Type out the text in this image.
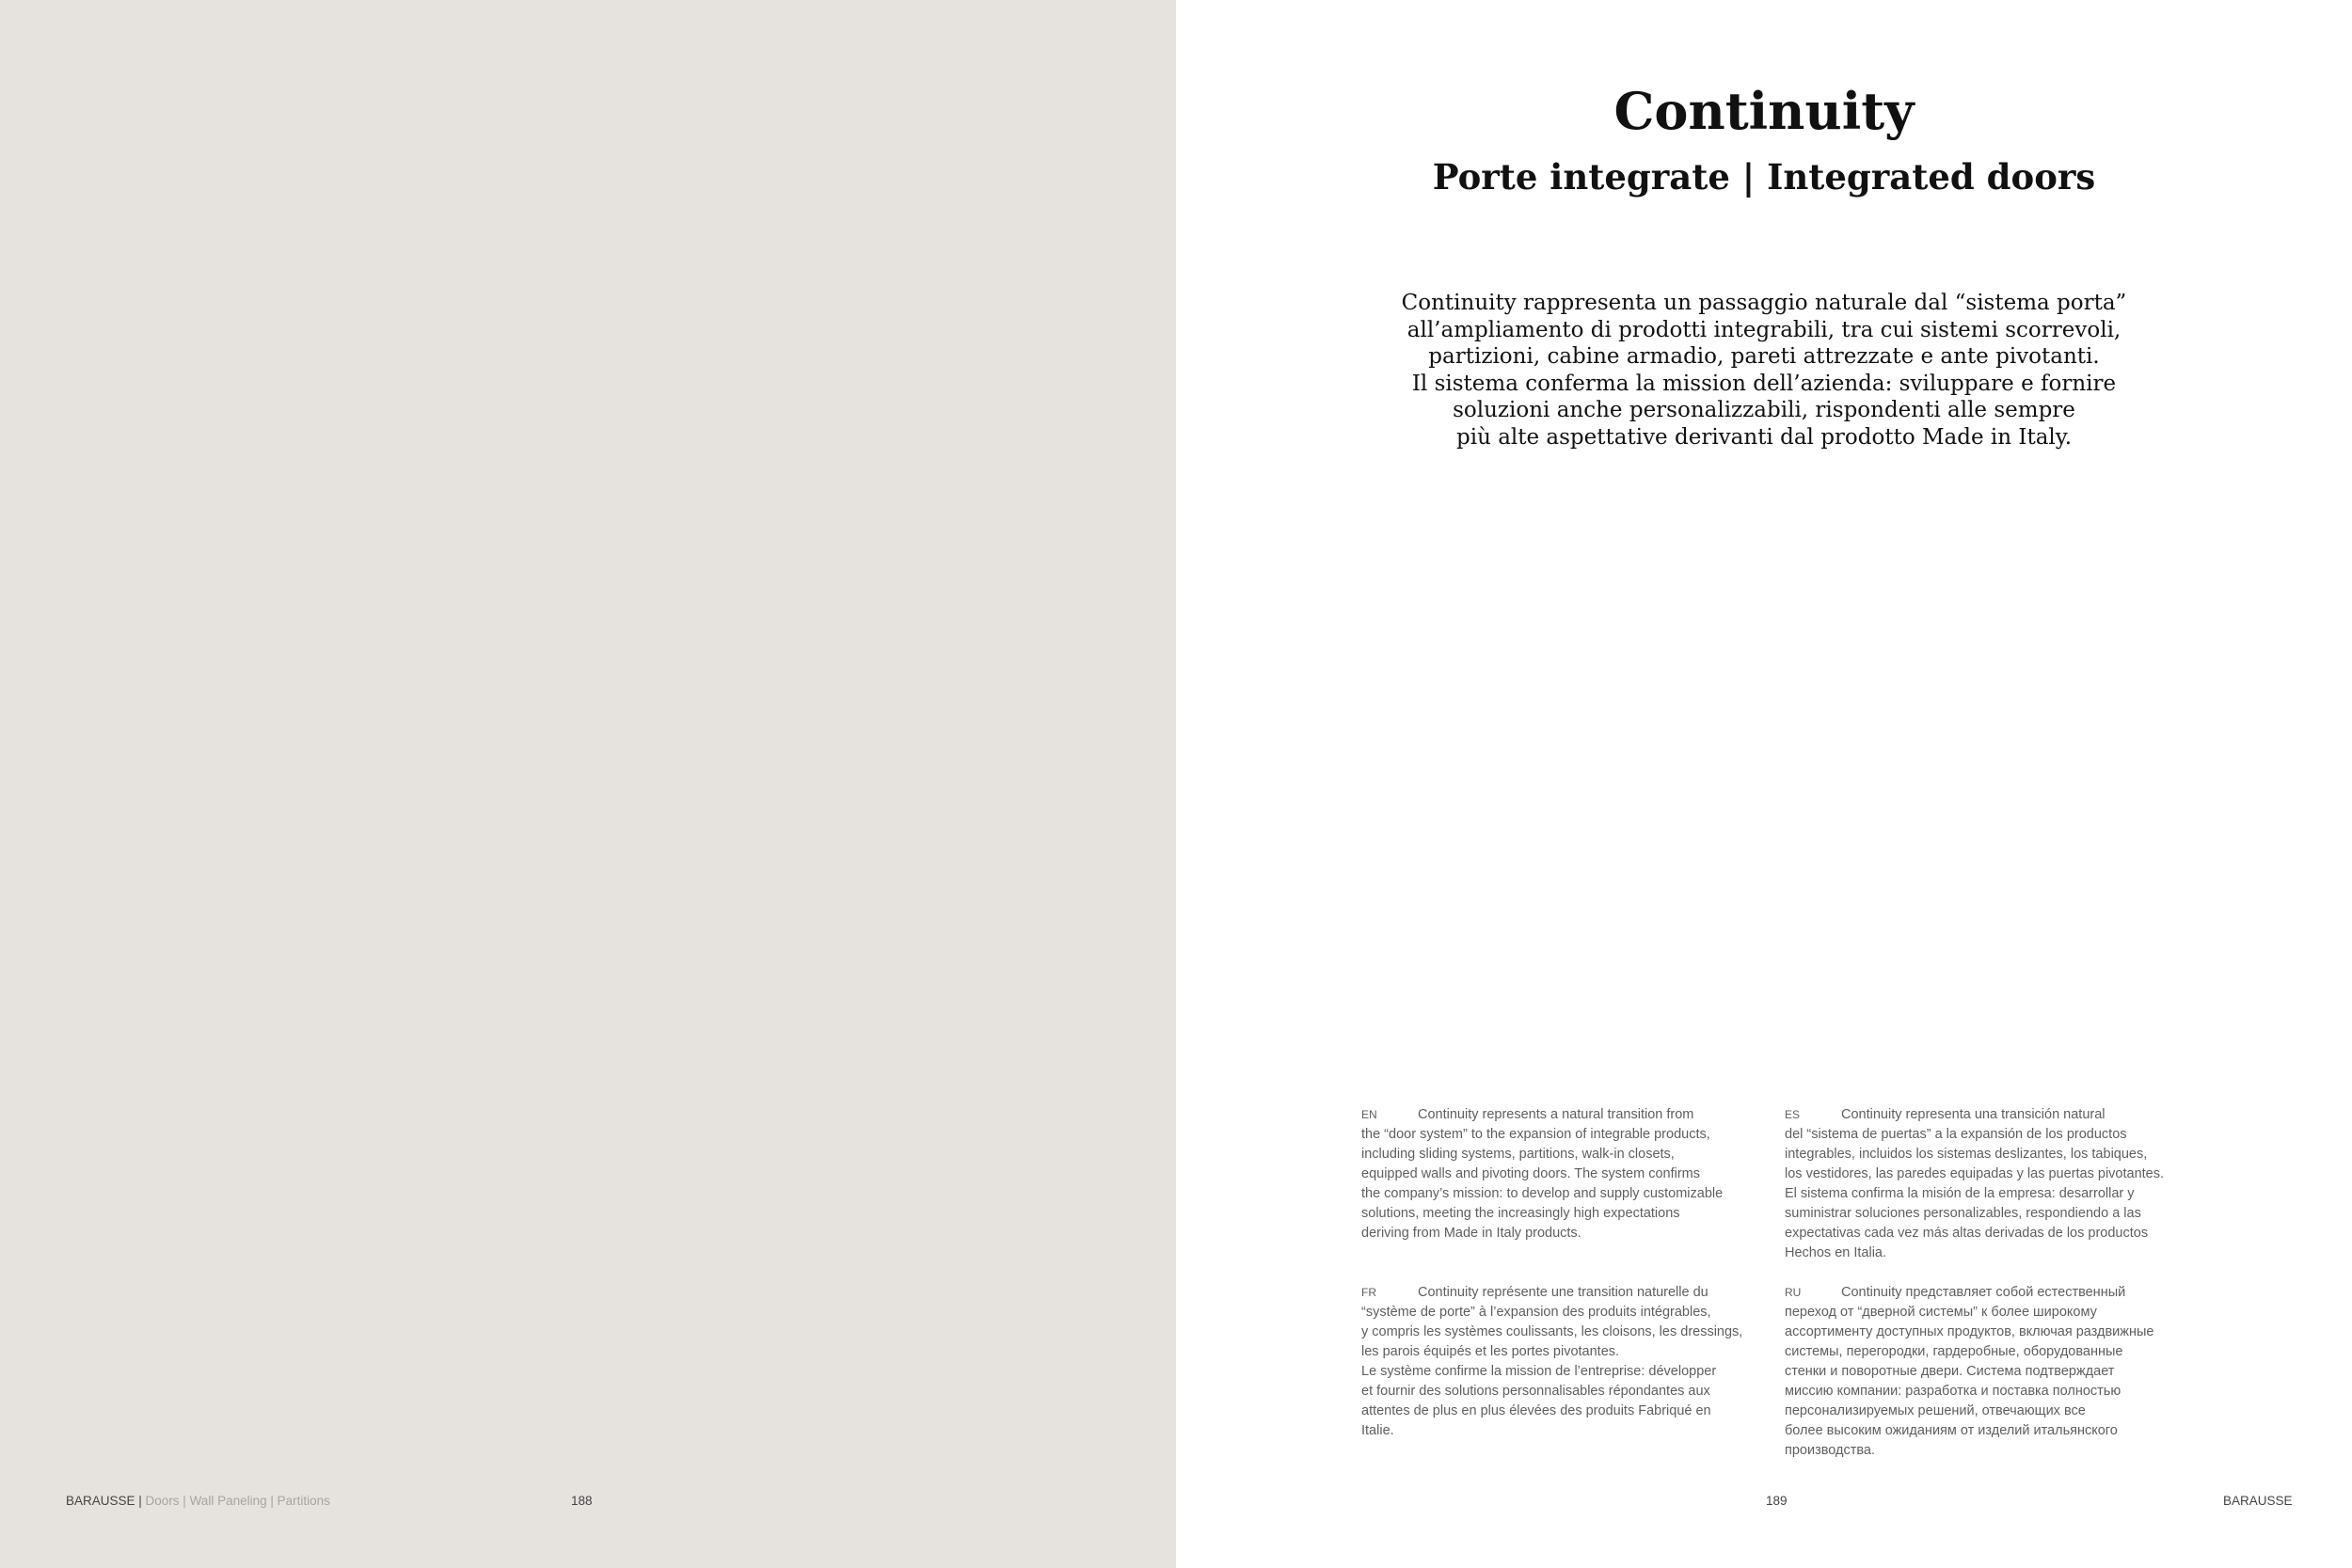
Continuity
Porte integrate | Integrated doors

Continuity rappresenta un passaggio naturale dal “sistema porta”
all’ampliamento di prodotti integrabili, tra cui sistemi scorrevoli,
partizioni, cabine armadio, pareti attrezzate e ante pivotanti.
Il sistema conferma la mission dell’azienda: sviluppare e fornire
soluzioni anche personalizzabili, rispondenti alle sempre
più alte aspettative derivanti dal prodotto Made in Italy.

EN	Continuity represents a natural transition from
the “door system” to the expansion of integrable products,
including sliding systems, partitions, walk-in closets,
equipped walls and pivoting doors. The system confirms
the company’s mission: to develop and supply customizable
solutions, meeting the increasingly high expectations
deriving from Made in Italy products.
ES	Continuity representa una transición natural
del “sistema de puertas” a la expansión de los productos
integrables, incluidos los sistemas deslizantes, los tabiques,
los vestidores, las paredes equipadas y las puertas pivotantes.
El sistema confirma la misión de la empresa: desarrollar y
suministrar soluciones personalizables, respondiendo a las
expectativas cada vez más altas derivadas de los productos
Hechos en Italia.
FR	Continuity représente une transition naturelle du
“système de porte” à l’expansion des produits intégrables,
y compris les systèmes coulissants, les cloisons, les dressings,
les parois équipés et les portes pivotantes.
Le système confirme la mission de l’entreprise: développer
et fournir des solutions personnalisables répondantes aux
attentes de plus en plus élevées des produits Fabriqué en
Italie.
RU	Continuity представляет собой естественный
переход от “дверной системы” к более широкому
ассортименту доступных продуктов, включая раздвижные
системы, перегородки, гардеробные, оборудованные
стенки и поворотные двери. Система подтверждает
миссию компании: разработка и поставка полностью
персонализируемых решений, отвечающих все
более высоким ожиданиям от изделий итальянского
производства.
BARAUSSE | Doors | Wall Paneling | Partitions	188	189	BARAUSSE
